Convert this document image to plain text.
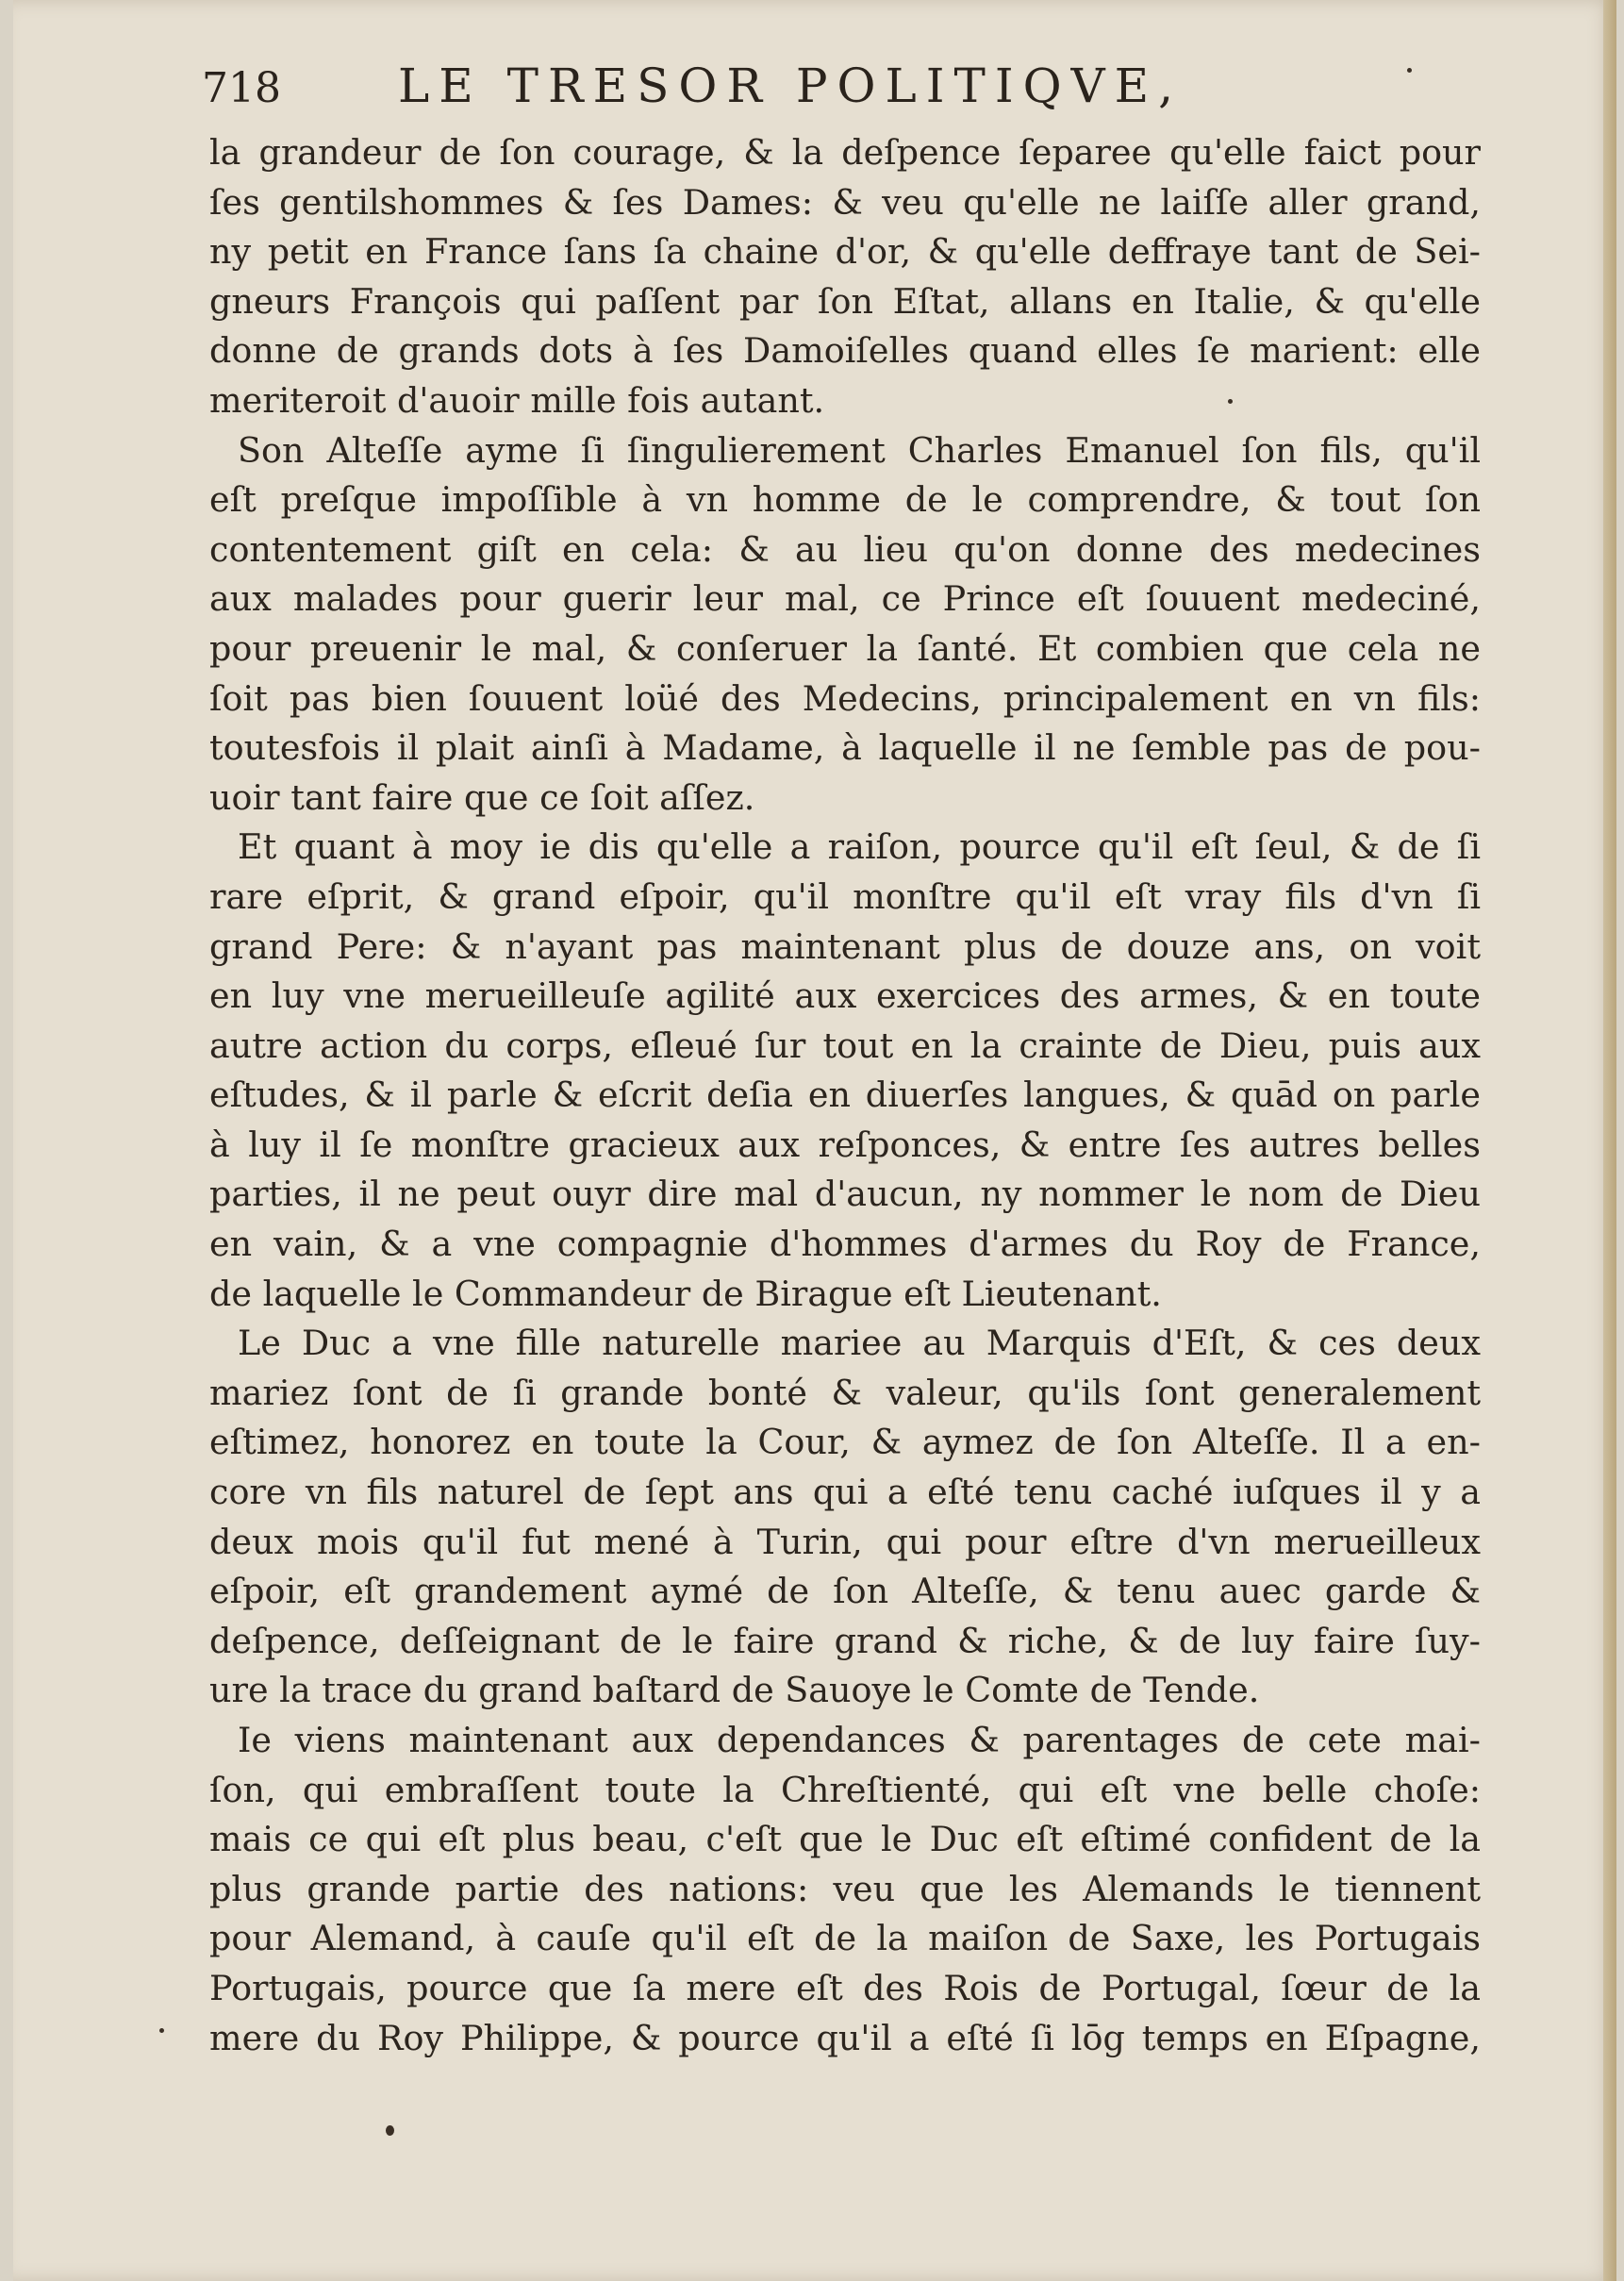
718 LE TRESOR POLITIQVE,
la grandeur de ſon courage, & la deſpence ſeparee qu'elle faict pour
ſes gentilshommes & ſes Dames: & veu qu'elle ne laiſſe aller grand,
ny petit en France ſans ſa chaine d'or, & qu'elle deffraye tant de Sei-
gneurs François qui paſſent par ſon Eſtat, allans en Italie, & qu'elle
donne de grands dots à ſes Damoiſelles quand elles ſe marient: elle
meriteroit d'auoir mille fois autant.
Son Alteſſe ayme ſi ſingulierement Charles Emanuel ſon fils, qu'il
eſt preſque impoſſible à vn homme de le comprendre, & tout ſon
contentement giſt en cela: & au lieu qu'on donne des medecines
aux malades pour guerir leur mal, ce Prince eſt ſouuent medeciné,
pour preuenir le mal, & conſeruer la ſanté. Et combien que cela ne
ſoit pas bien ſouuent loüé des Medecins, principalement en vn fils:
toutesfois il plait ainſi à Madame, à laquelle il ne ſemble pas de pou-
uoir tant faire que ce ſoit aſſez.
Et quant à moy ie dis qu'elle a raiſon, pource qu'il eſt ſeul, & de ſi
rare eſprit, & grand eſpoir, qu'il monſtre qu'il eſt vray fils d'vn ſi
grand Pere: & n'ayant pas maintenant plus de douze ans, on voit
en luy vne merueilleuſe agilité aux exercices des armes, & en toute
autre action du corps, eſleué ſur tout en la crainte de Dieu, puis aux
eſtudes, & il parle & eſcrit deſia en diuerſes langues, & quād on parle
à luy il ſe monſtre gracieux aux reſponces, & entre ſes autres belles
parties, il ne peut ouyr dire mal d'aucun, ny nommer le nom de Dieu
en vain, & a vne compagnie d'hommes d'armes du Roy de France,
de laquelle le Commandeur de Birague eſt Lieutenant.
Le Duc a vne fille naturelle mariee au Marquis d'Eſt, & ces deux
mariez ſont de ſi grande bonté & valeur, qu'ils ſont generalement
eſtimez, honorez en toute la Cour, & aymez de ſon Alteſſe. Il a en-
core vn fils naturel de ſept ans qui a eſté tenu caché iuſques il y a
deux mois qu'il fut mené à Turin, qui pour eſtre d'vn merueilleux
eſpoir, eſt grandement aymé de ſon Alteſſe, & tenu auec garde &
deſpence, deſſeignant de le faire grand & riche, & de luy faire ſuy-
ure la trace du grand baſtard de Sauoye le Comte de Tende.
Ie viens maintenant aux dependances & parentages de cete mai-
ſon, qui embraſſent toute la Chreſtienté, qui eſt vne belle choſe:
mais ce qui eſt plus beau, c'eſt que le Duc eſt eſtimé confident de la
plus grande partie des nations: veu que les Alemands le tiennent
pour Alemand, à cauſe qu'il eſt de la maiſon de Saxe, les Portugais
Portugais, pource que ſa mere eſt des Rois de Portugal, ſœur de la
mere du Roy Philippe, & pource qu'il a eſté ſi lōg temps en Eſpagne,
